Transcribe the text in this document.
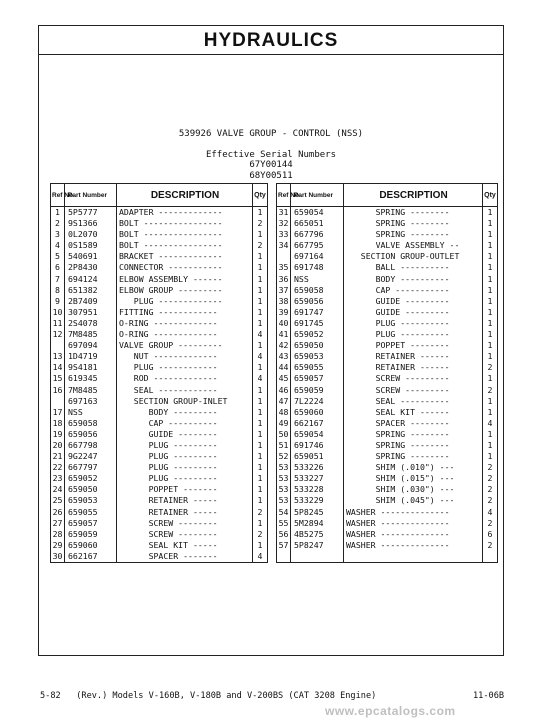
HYDRAULICS
539926 VALVE GROUP - CONTROL (NSS)
Effective Serial Numbers
67Y00144
68Y00511
Ref No	Part Number	DESCRIPTION	Qty
1	5P5777	ADAPTER -------------	1
2	9S1366	BOLT ----------------	2
3	0L2070	BOLT ----------------	1
4	0S1589	BOLT ----------------	2
5	540691	BRACKET -------------	1
6	2P8430	CONNECTOR -----------	1
7	694124	ELBOW ASSEMBLY ------	1
8	651382	ELBOW GROUP ---------	1
9	2B7409	PLUG -------------	1
10	307951	FITTING ------------	1
11	2S4078	O-RING -------------	1
12	7M8485	O-RING -------------	4
	697094	VALVE GROUP ---------	1
13	1D4719	NUT -------------	4
14	9S4181	PLUG ------------	1
15	619345	ROD -------------	4
16	7M8485	SEAL ------------	1
	697163	SECTION GROUP-INLET	1
17	NSS	BODY ---------	1
18	659058	CAP ----------	1
19	659056	GUIDE --------	1
20	667798	PLUG ---------	1
21	9G2247	PLUG ---------	1
22	667797	PLUG ---------	1
23	659052	PLUG ---------	1
24	659050	POPPET -------	1
25	659053	RETAINER -----	1
26	659055	RETAINER -----	2
27	659057	SCREW --------	1
28	659059	SCREW --------	2
29	659060	SEAL KIT -----	1
30	662167	SPACER -------	4
Ref No	Part Number	DESCRIPTION	Qty
31	659054	SPRING --------	1
32	665051	SPRING --------	1
33	667796	SPRING --------	1
34	667795	VALVE ASSEMBLY --	1
	697164	SECTION GROUP-OUTLET	1
35	691748	BALL ----------	1
36	NSS	BODY ----------	1
37	659058	CAP -----------	1
38	659056	GUIDE ---------	1
39	691747	GUIDE ---------	1
40	691745	PLUG ----------	1
41	659052	PLUG ----------	1
42	659050	POPPET --------	1
43	659053	RETAINER ------	1
44	659055	RETAINER ------	2
45	659057	SCREW ---------	1
46	659059	SCREW ---------	2
47	7L2224	SEAL ----------	1
48	659060	SEAL KIT ------	1
49	662167	SPACER --------	4
50	659054	SPRING --------	1
51	691746	SPRING --------	1
52	659051	SPRING --------	1
53	533226	SHIM (.010") ---	2
53	533227	SHIM (.015") ---	2
53	533228	SHIM (.030") ---	2
53	533229	SHIM (.045") ---	2
54	5P8245	WASHER --------------	4
55	5M2894	WASHER --------------	2
56	4B5275	WASHER --------------	6
57	5P8247	WASHER --------------	2

5-82   (Rev.) Models V-160B, V-180B and V-200BS (CAT 3208 Engine)	11-06B
www.epcatalogs.com
